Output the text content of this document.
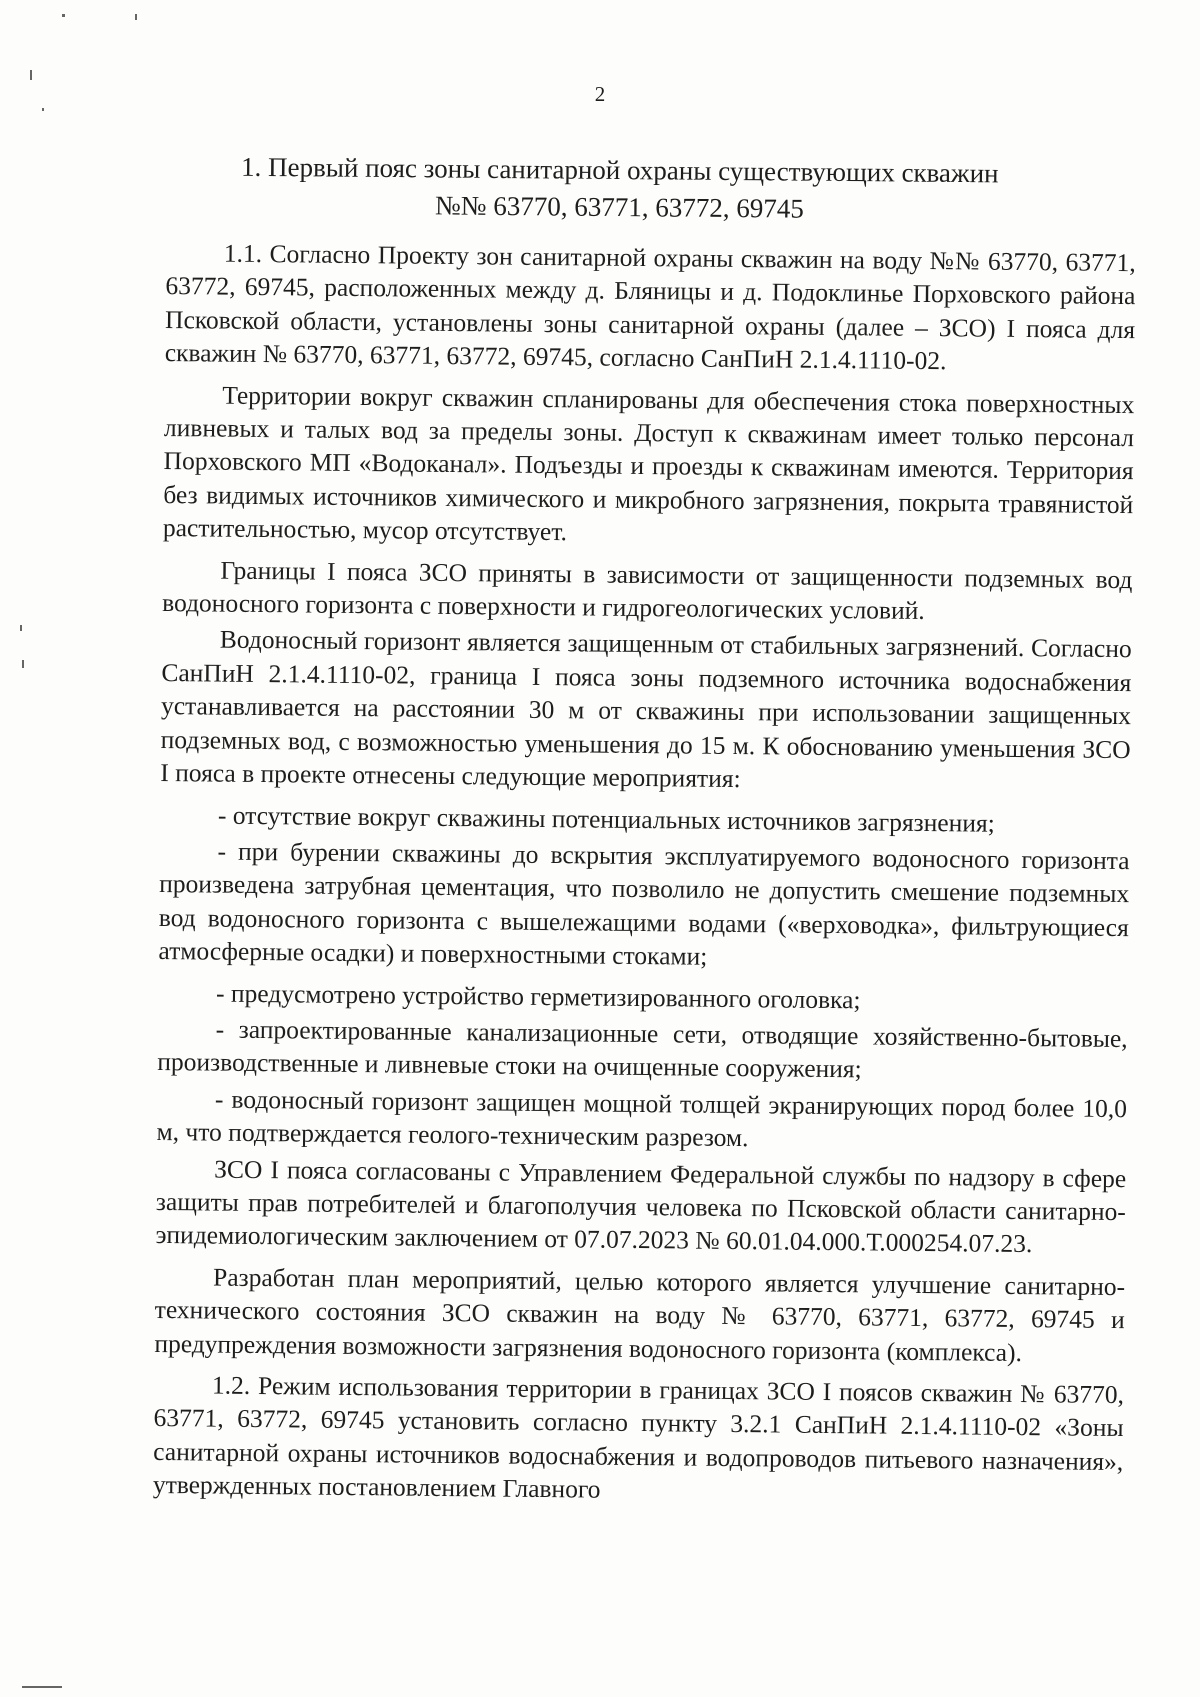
2
1. Первый пояс зоны санитарной охраны существующих скважин
№№ 63770, 63771, 63772, 69745

1.1. Согласно Проекту зон санитарной охраны скважин на воду №№ 63770, 63771, 63772, 69745, расположенных между д. Бляницы и д. Подоклинье Порховского района Псковской области, установлены зоны санитарной охраны (далее – ЗСО) I пояса для скважин № 63770, 63771, 63772, 69745, согласно СанПиН 2.1.4.1110-02.

Территории вокруг скважин спланированы для обеспечения стока поверхностных ливневых и талых вод за пределы зоны. Доступ к скважинам имеет только персонал Порховского МП «Водоканал». Подъезды и проезды к скважинам имеются. Территория без видимых источников химического и микробного загрязнения, покрыта травянистой растительностью, мусор отсутствует.

Границы I пояса ЗСО приняты в зависимости от защищенности подземных вод водоносного горизонта с поверхности и гидрогеологических условий.

Водоносный горизонт является защищенным от стабильных загрязнений. Согласно СанПиН 2.1.4.1110-02, граница I пояса зоны подземного источника водоснабжения устанавливается на расстоянии 30 м от скважины при использовании защищенных подземных вод, с возможностью уменьшения до 15 м. К обоснованию уменьшения ЗСО I пояса в проекте отнесены следующие мероприятия:

- отсутствие вокруг скважины потенциальных источников загрязнения;

- при бурении скважины до вскрытия эксплуатируемого водоносного горизонта произведена затрубная цементация, что позволило не допустить смешение подземных вод водоносного горизонта с вышележащими водами («верховодка», фильтрующиеся атмосферные осадки) и поверхностными стоками;

- предусмотрено устройство герметизированного оголовка;

- запроектированные канализационные сети, отводящие хозяйственно-бытовые, производственные и ливневые стоки на очищенные сооружения;

- водоносный горизонт защищен мощной толщей экранирующих пород более 10,0 м, что подтверждается геолого-техническим разрезом.

ЗСО I пояса согласованы с Управлением Федеральной службы по надзору в сфере защиты прав потребителей и благополучия человека по Псковской области санитарно-эпидемиологическим заключением от 07.07.2023 № 60.01.04.000.Т.000254.07.23.

Разработан план мероприятий, целью которого является улучшение санитарно-технического состояния ЗСО скважин на воду № 63770, 63771, 63772, 69745 и предупреждения возможности загрязнения водоносного горизонта (комплекса).

1.2. Режим использования территории в границах ЗСО I поясов скважин № 63770, 63771, 63772, 69745 установить согласно пункту 3.2.1 СанПиН 2.1.4.1110-02 «Зоны санитарной охраны источников водоснабжения и водопроводов питьевого назначения», утвержденных постановлением Главного
